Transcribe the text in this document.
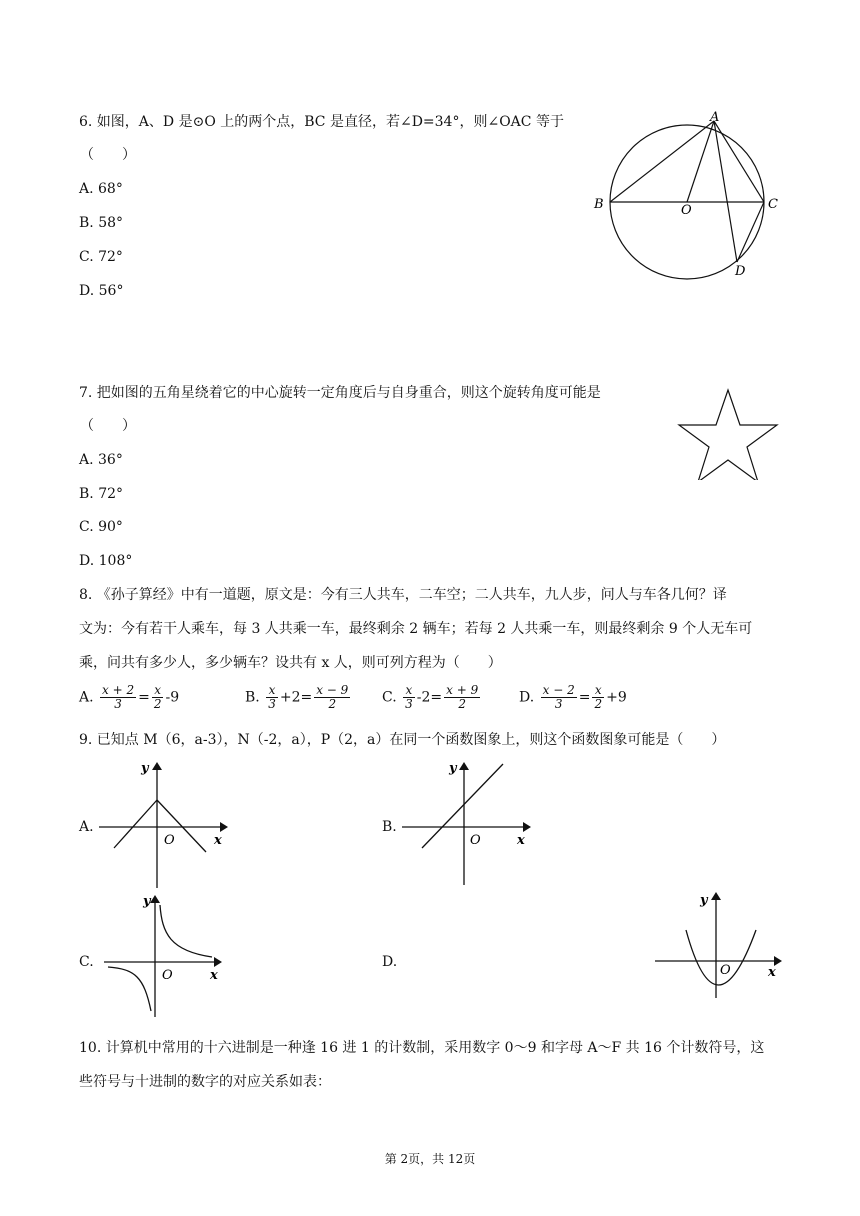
6. 如图，A、D 是⊙O 上的两个点，BC 是直径，若∠D=34°，则∠OAC 等于
（　　）
A. 68°
B. 58°
C. 72°
D. 56°
A
B	C
O
D
7. 把如图的五角星绕着它的中心旋转一定角度后与自身重合，则这个旋转角度可能是
（　　）
A. 36°
B. 72°
C. 90°
D. 108°
8. 《孙子算经》中有一道题，原文是：今有三人共车，二车空；二人共车，九人步，问人与车各几何？译
文为：今有若干人乘车，每 3 人共乘一车，最终剩余 2 辆车；若每 2 人共乘一车，则最终剩余 9 个人无车可
乘，问共有多少人，多少辆车？设共有 x 人，则可列方程为（　　）
A. $\frac{x + 2}{3} = \frac{x}{2} -9$	B. $\frac{x}{3} +2= \frac{x - 9}{2} C$. $\frac{x}{3} -2= \frac{x + 9}{2}$	D. $\frac{x - 2}{3} = \frac{x}{2} +9$
9. 已知点 M（6，a-3），N（-2，a），P（2，a）在同一个函数图象上，则这个函数图象可能是（　　）
A.
y
x
O
B.
y
x
O
C.
y
x
O
D.
y
x
O
10. 计算机中常用的十六进制是一种逢 16 进 1 的计数制，采用数字 0～9 和字母 A～F 共 16 个计数符号，这
些符号与十进制的数字的对应关系如表：
第 2页，共 12页
